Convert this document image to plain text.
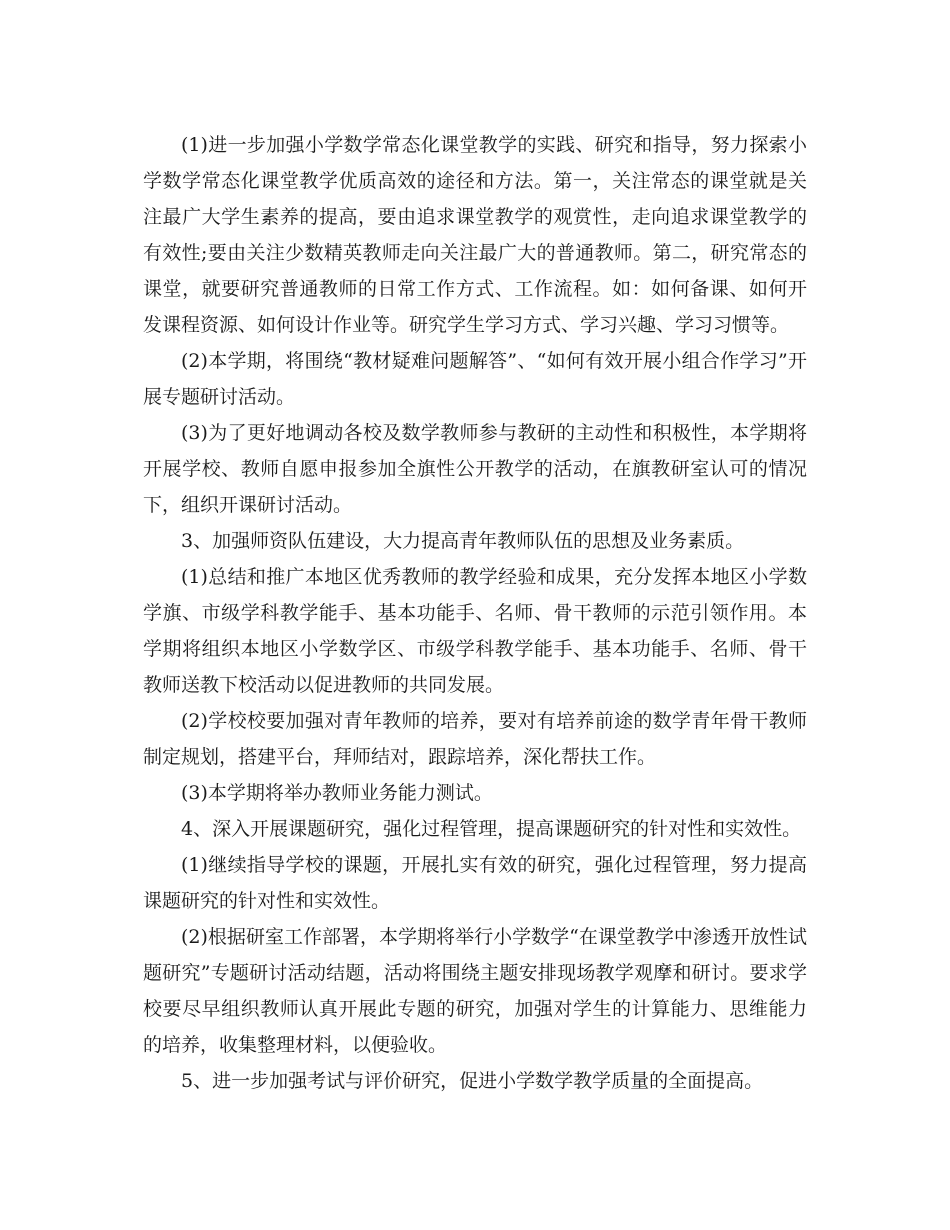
(1)进一步加强小学数学常态化课堂教学的实践、研究和指导，努力探索小学数学常态化课堂教学优质高效的途径和方法。第一，关注常态的课堂就是关注最广大学生素养的提高，要由追求课堂教学的观赏性，走向追求课堂教学的有效性;要由关注少数精英教师走向关注最广大的普通教师。第二，研究常态的课堂，就要研究普通教师的日常工作方式、工作流程。如：如何备课、如何开发课程资源、如何设计作业等。研究学生学习方式、学习兴趣、学习习惯等。

(2)本学期，将围绕“教材疑难问题解答”、“如何有效开展小组合作学习”开展专题研讨活动。

(3)为了更好地调动各校及数学教师参与教研的主动性和积极性，本学期将开展学校、教师自愿申报参加全旗性公开教学的活动，在旗教研室认可的情况下，组织开课研讨活动。

3、加强师资队伍建设，大力提高青年教师队伍的思想及业务素质。

(1)总结和推广本地区优秀教师的教学经验和成果，充分发挥本地区小学数学旗、市级学科教学能手、基本功能手、名师、骨干教师的示范引领作用。本学期将组织本地区小学数学区、市级学科教学能手、基本功能手、名师、骨干教师送教下校活动以促进教师的共同发展。

(2)学校校要加强对青年教师的培养，要对有培养前途的数学青年骨干教师制定规划，搭建平台，拜师结对，跟踪培养，深化帮扶工作。

(3)本学期将举办教师业务能力测试。

4、深入开展课题研究，强化过程管理，提高课题研究的针对性和实效性。

(1)继续指导学校的课题，开展扎实有效的研究，强化过程管理，努力提高课题研究的针对性和实效性。

(2)根据研室工作部署，本学期将举行小学数学“在课堂教学中渗透开放性试题研究”专题研讨活动结题，活动将围绕主题安排现场教学观摩和研讨。要求学校要尽早组织教师认真开展此专题的研究，加强对学生的计算能力、思维能力的培养，收集整理材料，以便验收。

5、进一步加强考试与评价研究，促进小学数学教学质量的全面提高。
